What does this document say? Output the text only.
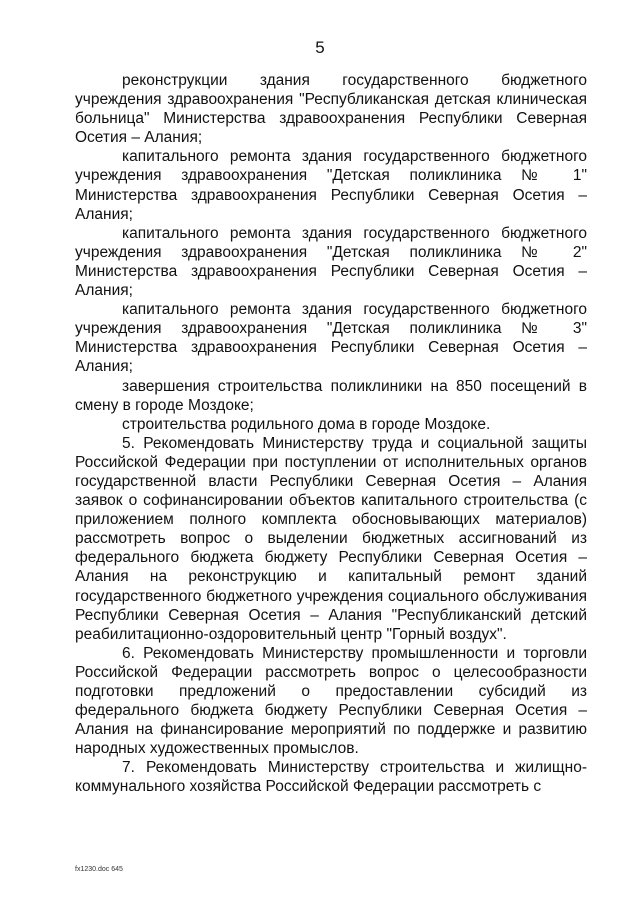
5

реконструкции здания государственного бюджетного учреждения здравоохранения "Республиканская детская клиническая больница" Министерства здравоохранения Республики Северная Осетия – Алания;

капитального ремонта здания государственного бюджетного учреждения здравоохранения "Детская поликлиника № 1" Министерства здравоохранения Республики Северная Осетия – Алания;

капитального ремонта здания государственного бюджетного учреждения здравоохранения "Детская поликлиника № 2" Министерства здравоохранения Республики Северная Осетия – Алания;

капитального ремонта здания государственного бюджетного учреждения здравоохранения "Детская поликлиника № 3" Министерства здравоохранения Республики Северная Осетия – Алания;

завершения строительства поликлиники на 850 посещений в смену в городе Моздоке;

строительства родильного дома в городе Моздоке.

5. Рекомендовать Министерству труда и социальной защиты Российской Федерации при поступлении от исполнительных органов государственной власти Республики Северная Осетия – Алания заявок о софинансировании объектов капитального строительства (с приложением полного комплекта обосновывающих материалов) рассмотреть вопрос о выделении бюджетных ассигнований из федерального бюджета бюджету Республики Северная Осетия – Алания на реконструкцию и капитальный ремонт зданий государственного бюджетного учреждения социального обслуживания Республики Северная Осетия – Алания "Республиканский детский реабилитационно-оздоровительный центр "Горный воздух".

6. Рекомендовать Министерству промышленности и торговли Российской Федерации рассмотреть вопрос о целесообразности подготовки предложений о предоставлении субсидий из федерального бюджета бюджету Республики Северная Осетия – Алания на финансирование мероприятий по поддержке и развитию народных художественных промыслов.

7. Рекомендовать Министерству строительства и жилищно-коммунального хозяйства Российской Федерации рассмотреть с

fx1230.doc 645
